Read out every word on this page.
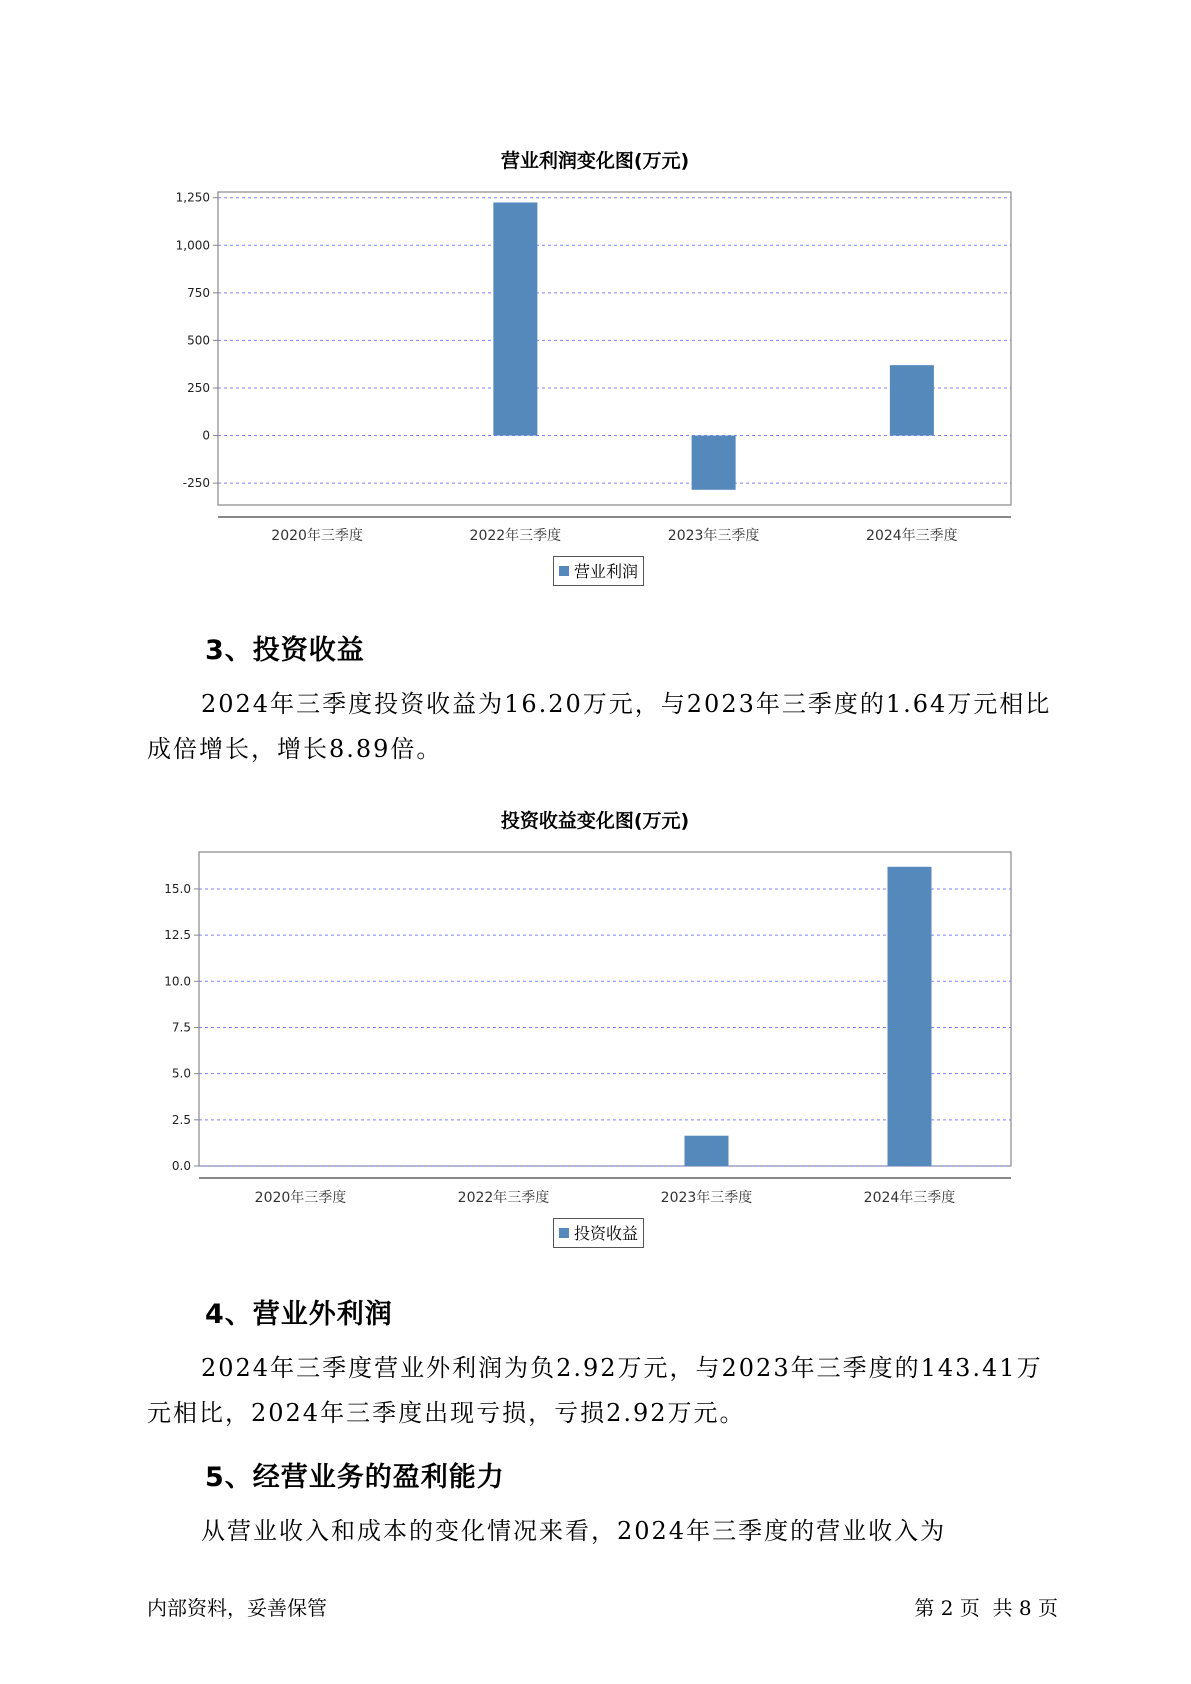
营业利润变化图(万元)
1,250
1,000
750
500
250
0
-250
2020年三季度	2022年三季度	2023年三季度	2024年三季度
营业利润
3、投资收益
2024年三季度投资收益为16.20万元，与2023年三季度的1.64万元相比
成倍增长，增长8.89倍。
投资收益变化图(万元)
15.0
12.5
10.0
7.5
5.0
2.5
0.0
2020年三季度	2022年三季度	2023年三季度	2024年三季度
投资收益
4、营业外利润
2024年三季度营业外利润为负2.92万元，与2023年三季度的143.41万
元相比，2024年三季度出现亏损，亏损2.92万元。
5、经营业务的盈利能力
从营业收入和成本的变化情况来看，2024年三季度的营业收入为
内部资料，妥善保管	第 2 页  共 8 页
